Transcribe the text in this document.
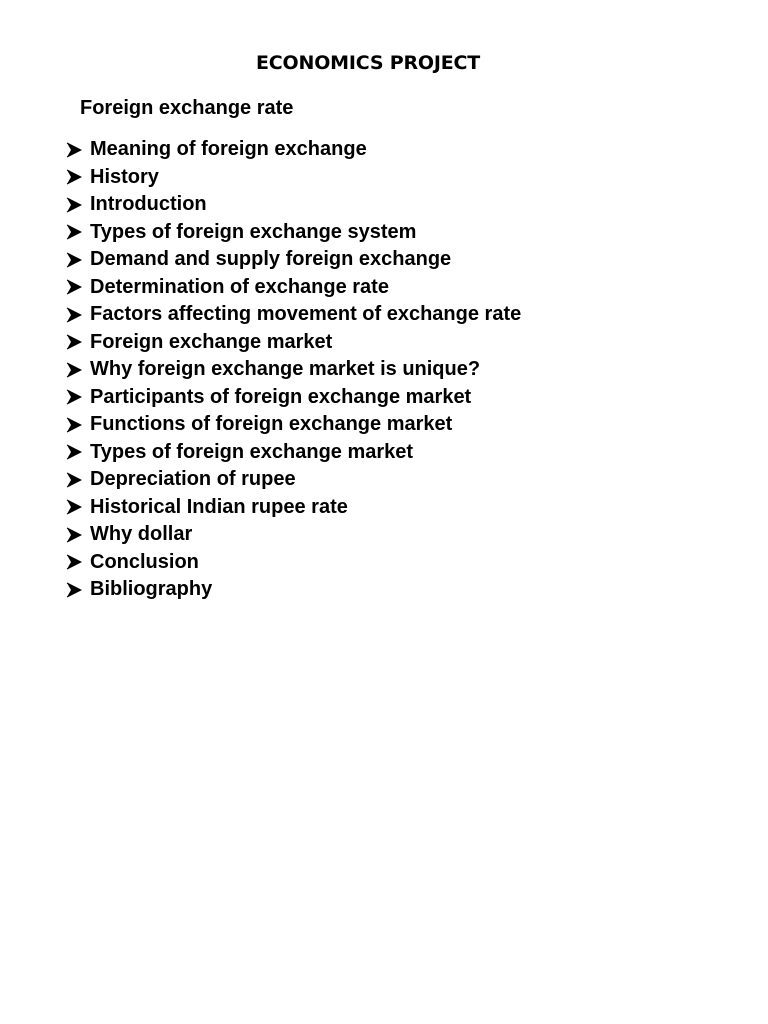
ECONOMICS PROJECT
Foreign exchange rate
Meaning of foreign exchange
History
Introduction
Types of foreign exchange system
Demand and supply foreign exchange
Determination of exchange rate
Factors affecting movement of exchange rate
Foreign exchange market
Why foreign exchange market is unique?
Participants of foreign exchange market
Functions of foreign exchange market
Types of foreign exchange market
Depreciation of rupee
Historical Indian rupee rate
Why dollar
Conclusion
Bibliography
